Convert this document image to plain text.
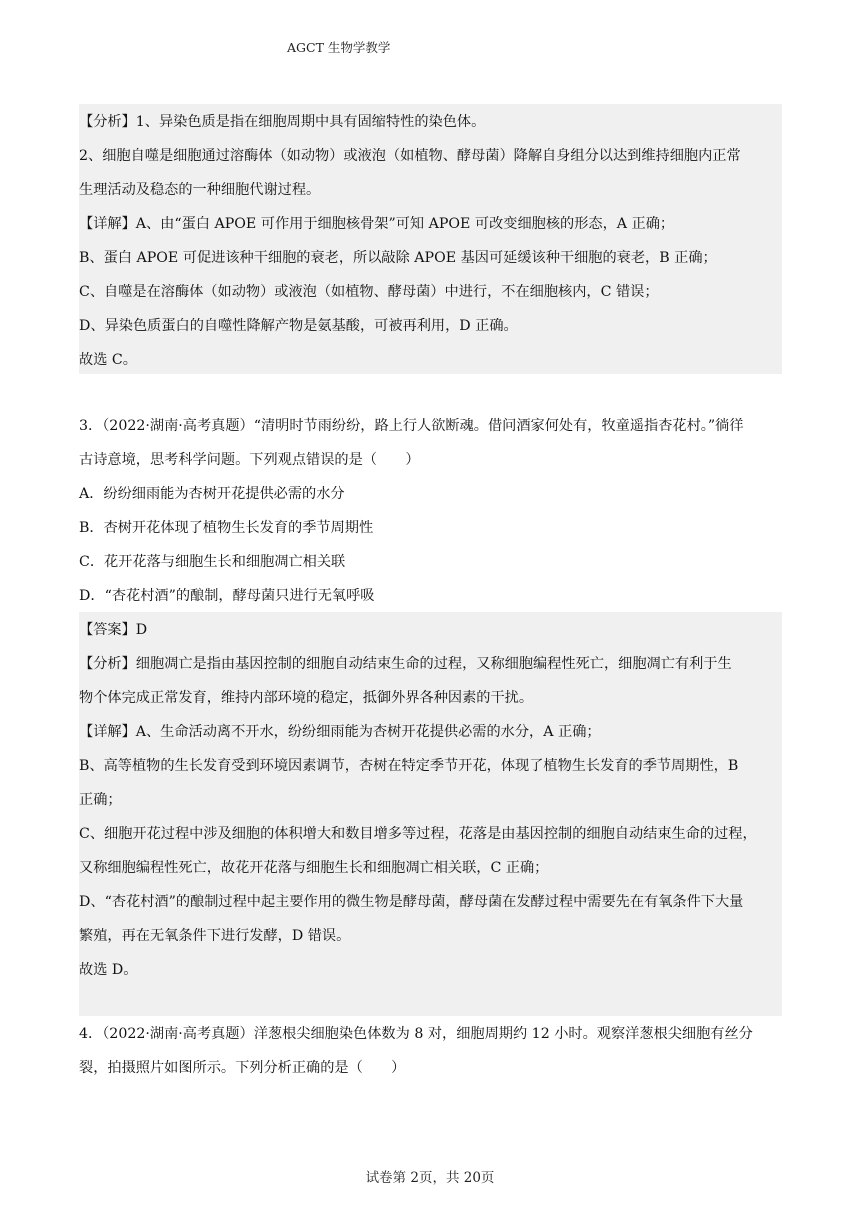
AGCT 生物学教学
【分析】1、异染色质是指在细胞周期中具有固缩特性的染色体。
2、细胞自噬是细胞通过溶酶体（如动物）或液泡（如植物、酵母菌）降解自身组分以达到维持细胞内正常
生理活动及稳态的一种细胞代谢过程。
【详解】A、由“蛋白 APOE 可作用于细胞核骨架”可知 APOE 可改变细胞核的形态，A 正确；
B、蛋白 APOE 可促进该种干细胞的衰老，所以敲除 APOE 基因可延缓该种干细胞的衰老，B 正确；
C、自噬是在溶酶体（如动物）或液泡（如植物、酵母菌）中进行，不在细胞核内，C 错误；
D、异染色质蛋白的自噬性降解产物是氨基酸，可被再利用，D 正确。
故选 C。
3．（2022·湖南·高考真题）“清明时节雨纷纷，路上行人欲断魂。借问酒家何处有，牧童遥指杏花村。”徜徉
古诗意境，思考科学问题。下列观点错误的是（　　）
A．纷纷细雨能为杏树开花提供必需的水分
B．杏树开花体现了植物生长发育的季节周期性
C．花开花落与细胞生长和细胞凋亡相关联
D．“杏花村酒”的酿制，酵母菌只进行无氧呼吸
【答案】D
【分析】细胞凋亡是指由基因控制的细胞自动结束生命的过程，又称细胞编程性死亡，细胞凋亡有利于生
物个体完成正常发育，维持内部环境的稳定，抵御外界各种因素的干扰。
【详解】A、生命活动离不开水，纷纷细雨能为杏树开花提供必需的水分，A 正确；
B、高等植物的生长发育受到环境因素调节，杏树在特定季节开花，体现了植物生长发育的季节周期性，B
正确；
C、细胞开花过程中涉及细胞的体积增大和数目增多等过程，花落是由基因控制的细胞自动结束生命的过程，
又称细胞编程性死亡，故花开花落与细胞生长和细胞凋亡相关联，C 正确；
D、“杏花村酒”的酿制过程中起主要作用的微生物是酵母菌，酵母菌在发酵过程中需要先在有氧条件下大量
繁殖，再在无氧条件下进行发酵，D 错误。
故选 D。
4．（2022·湖南·高考真题）洋葱根尖细胞染色体数为 8 对，细胞周期约 12 小时。观察洋葱根尖细胞有丝分
裂，拍摄照片如图所示。下列分析正确的是（　　）
试卷第 2页，共 20页
